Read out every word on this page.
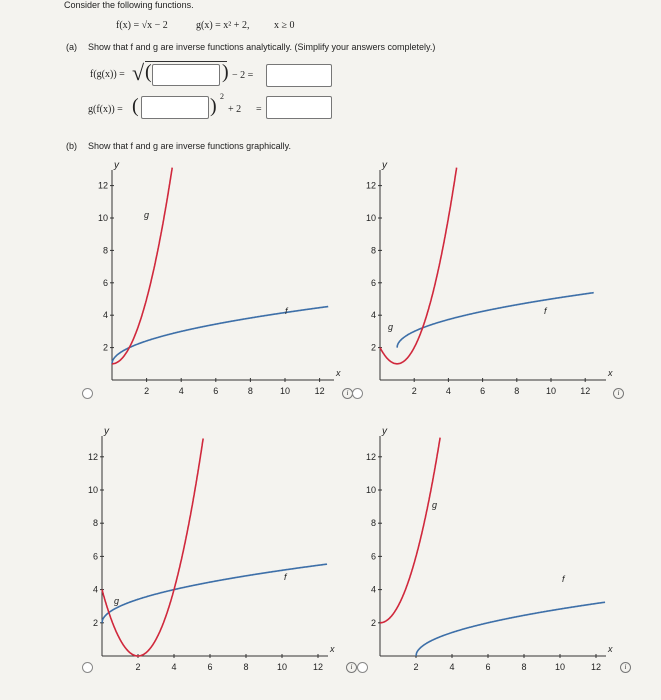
Consider the following functions.
f(x) = √x − 2	g(x) = x² + 2, x ≥ 0
(a) Show that f and g are inverse functions analytically. (Simplify your answers completely.)
f(g(x)) = √ (	) − 2 =
g(f(x)) = (	) 2
+ 2 =
(b) Show that f and g are inverse functions graphically.
2	4	6	8	10	12
2
4
6
8
10
12
x
y
g
f
i	2	4	6	8	10	12
2
4
6
8
10
12
x
y
g
f
i
2	4	6	8	10	12
2
4
6
8
10
12
x
y
g
f
i	2	4	6	8	10	12
2
4
6
8
10
12
x
y
g
f
i
